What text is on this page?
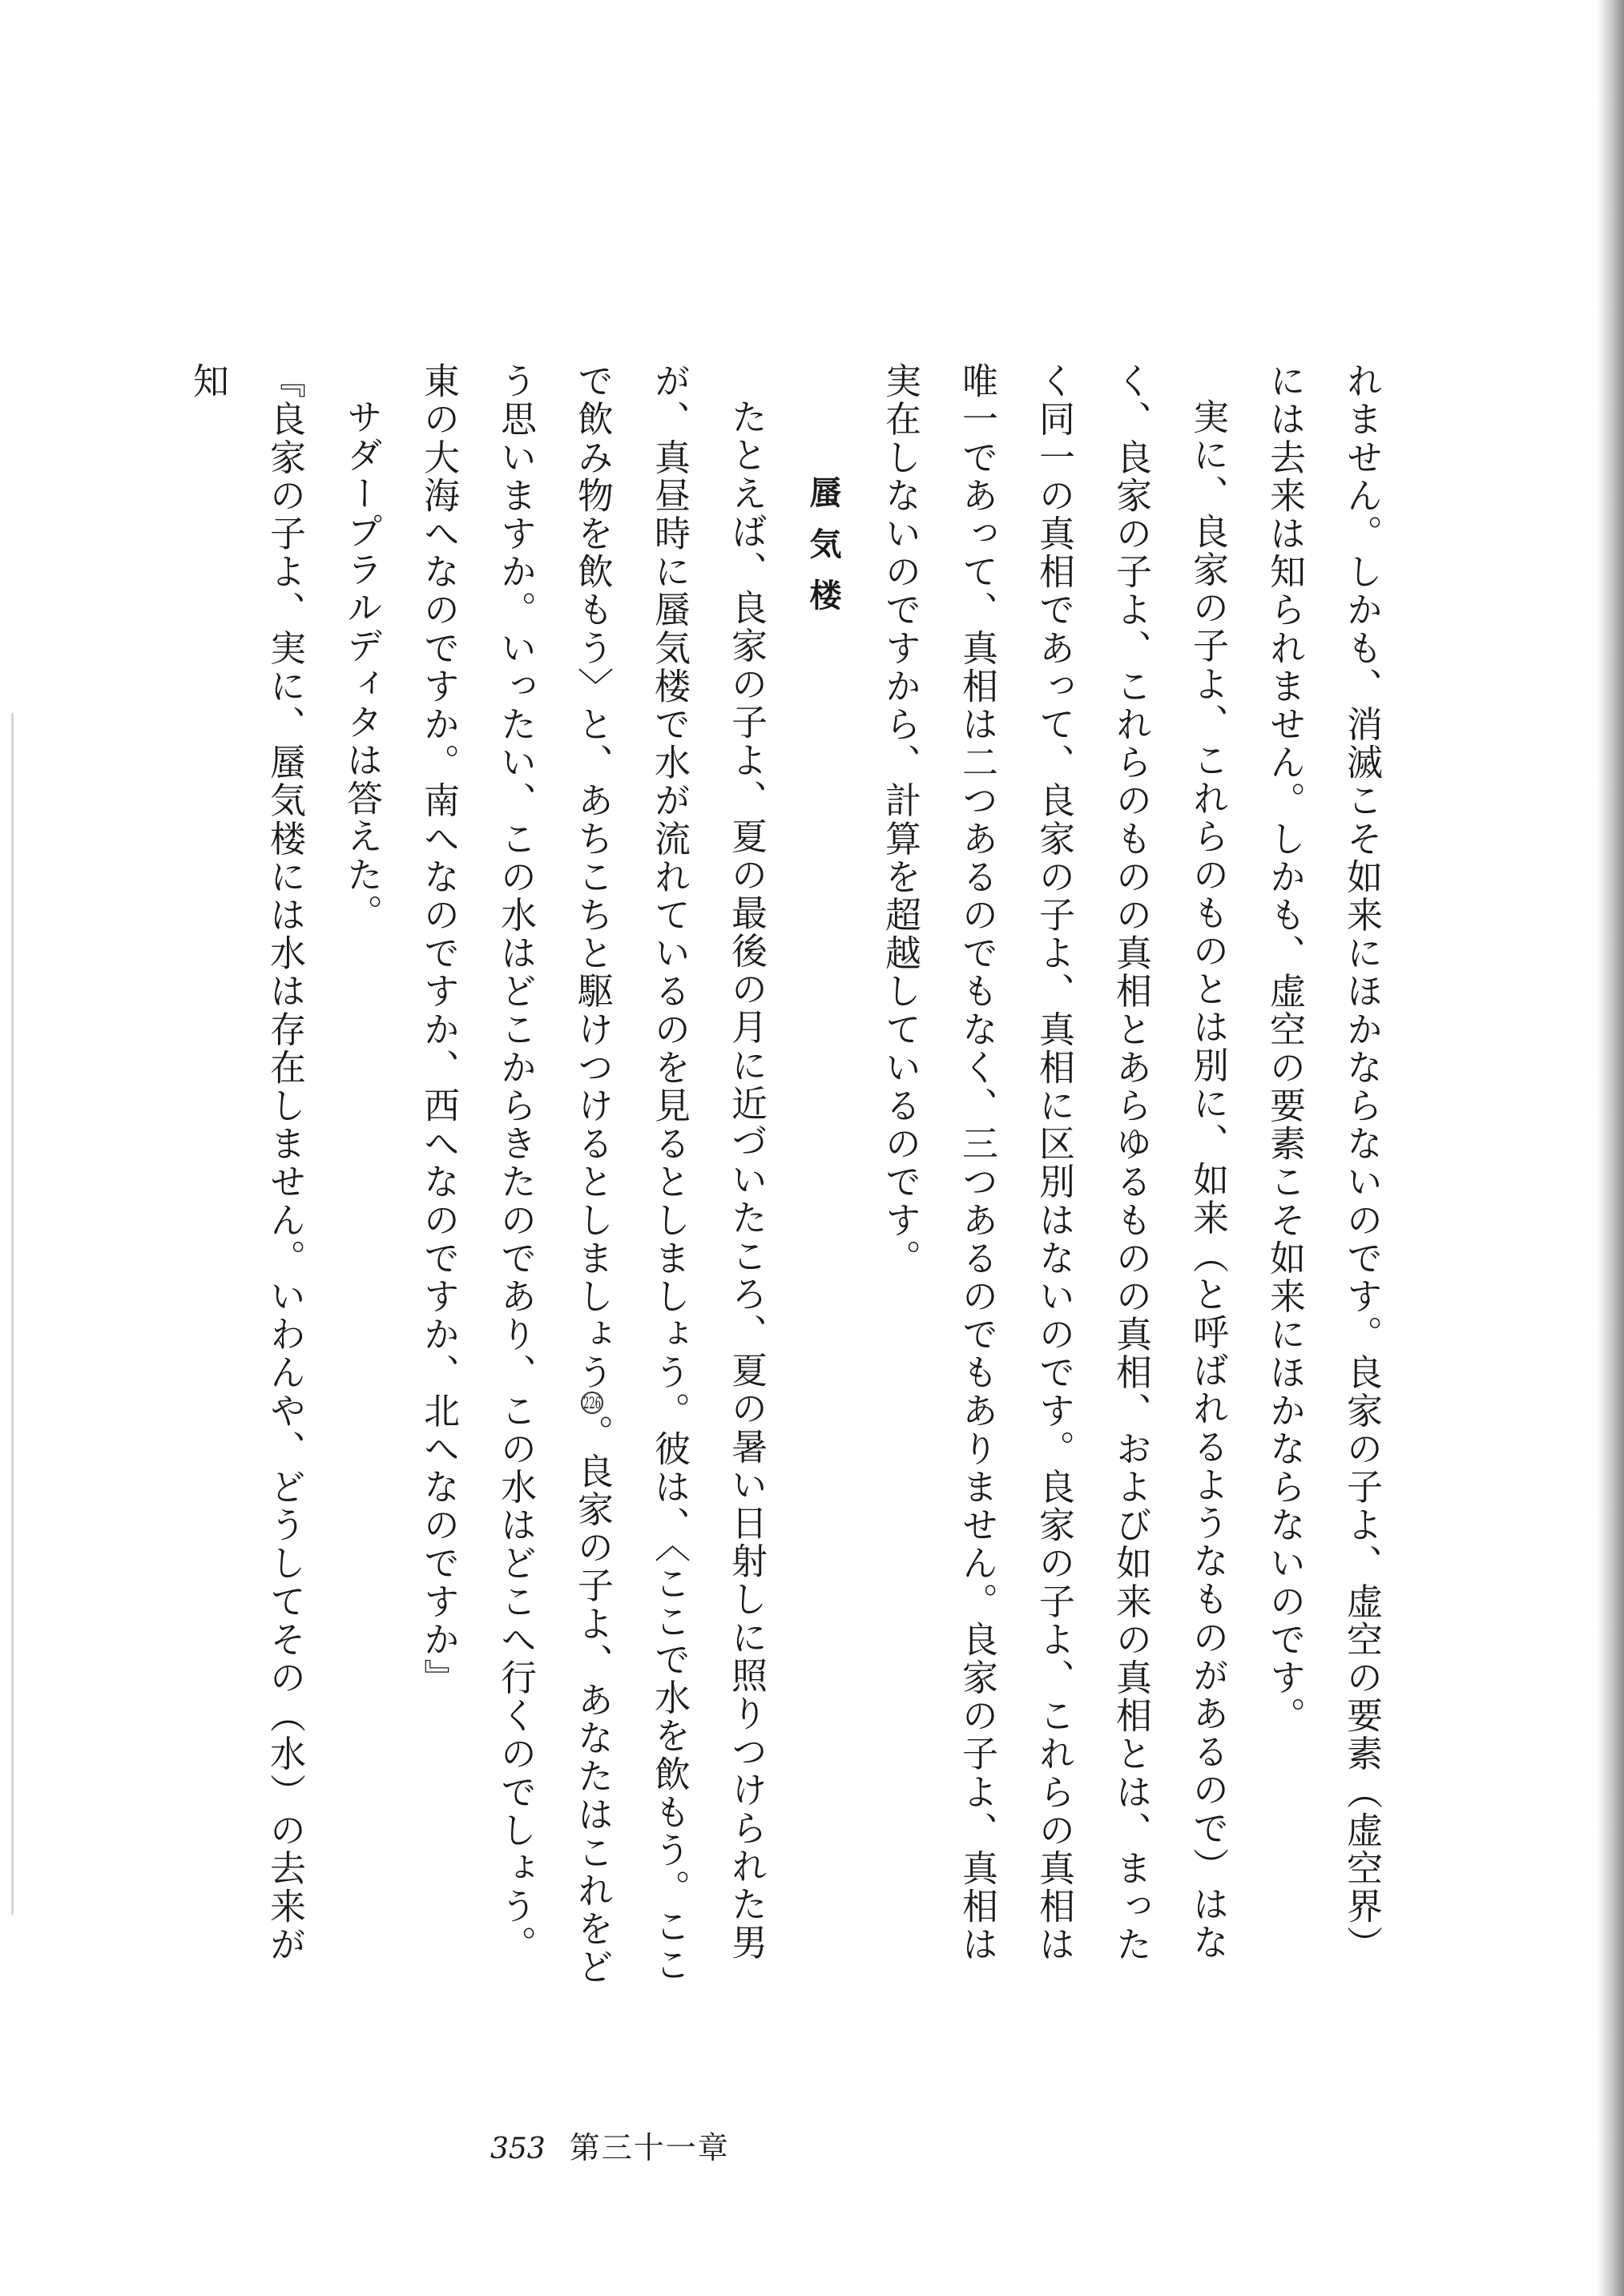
れません。しかも、消滅こそ如来にほかならないのです。良家の子よ、虚空の要素（虚空界）には去来は知られません。しかも、虚空の要素こそ如来にほかならないのです。

実に、良家の子よ、これらのものとは別に、如来（と呼ばれるようなものがあるので）はなく、良家の子よ、これらのものの真相とあらゆるものの真相、および如来の真相とは、まったく同一の真相であって、良家の子よ、真相に区別はないのです。良家の子よ、これらの真相は唯一であって、真相は二つあるのでもなく、三つあるのでもありません。良家の子よ、真相は実在しないのですから、計算を超越しているのです。

蜃気楼

たとえば、良家の子よ、夏の最後の月に近づいたころ、夏の暑い日射しに照りつけられた男が、真昼時に蜃気楼で水が流れているのを見るとしましょう。彼は、〈ここで水を飲もう。ここで飲み物を飲もう〉と、あちこちと駆けつけるとしましょう226。良家の子よ、あなたはこれをどう思いますか。いったい、この水はどこからきたのであり、この水はどこへ行くのでしょう。東の大海へなのですか。南へなのですか、西へなのですか、北へなのですか』

サダープラルディタは答えた。

『良家の子よ、実に、蜃気楼には水は存在しません。いわんや、どうしてその（水）の去来が知

353 第三十一章
